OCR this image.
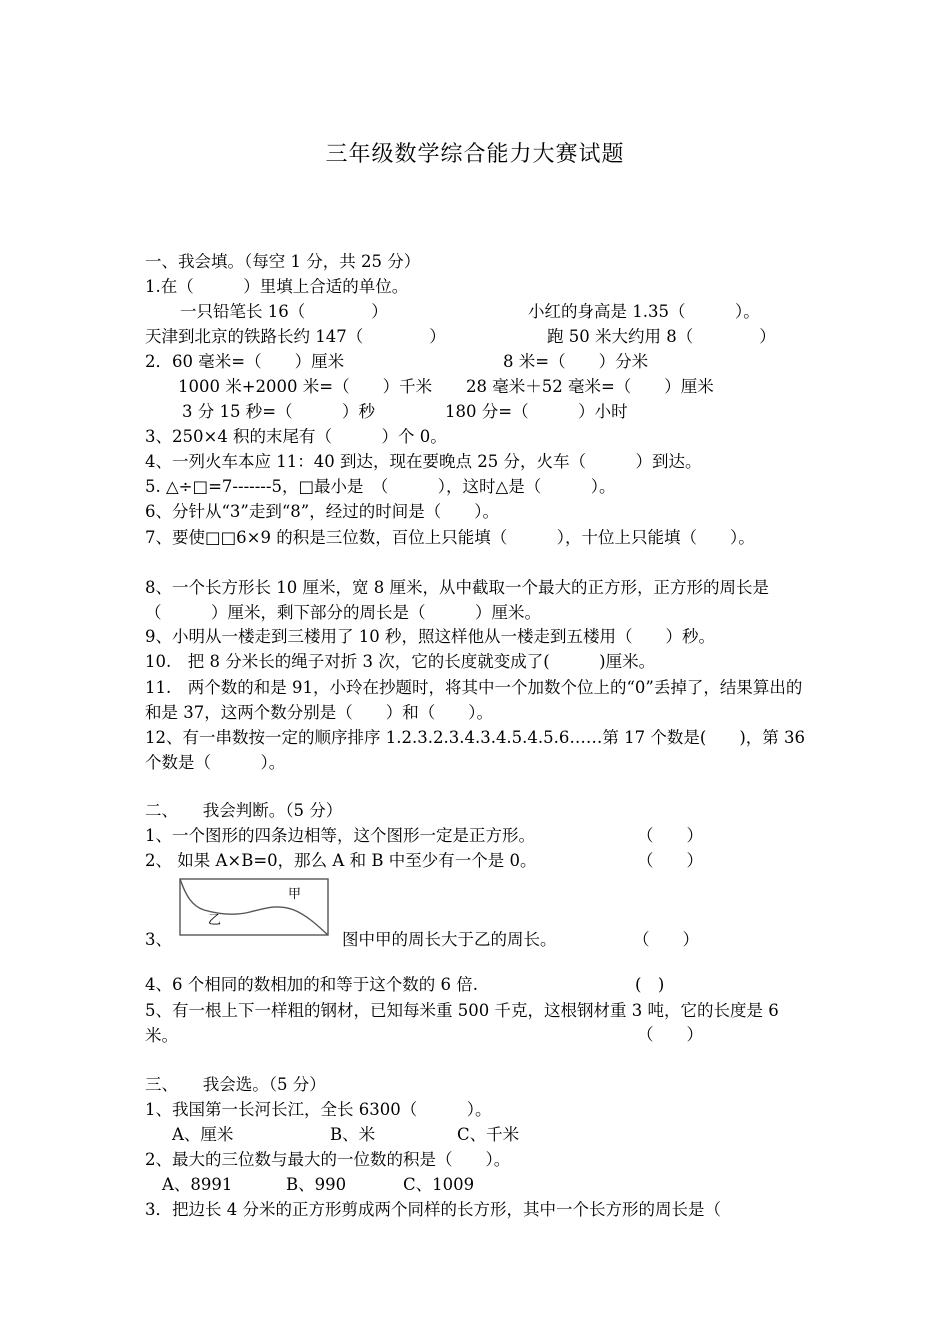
三年级数学综合能力大赛试题
一、我会填。（每空 1 分，共 25 分）
1.在（　　　）里填上合适的单位。
一只铅笔长 16（　　　　）	小红的身高是 1.35（　　　）。
天津到北京的铁路长约 147（　　　　）	跑 50 米大约用 8（　　　　）
2．60 毫米=（　　）厘米	8 米=（　　）分米
1000 米+2000 米=（　　）千米 28 毫米＋52 毫米=（　　）厘米
3 分 15 秒=（　　　）秒	180 分=（　　　）小时
3、250×4 积的末尾有（　　　）个 0。
4、一列火车本应 11：40 到达，现在要晚点 25 分，火车（　　　）到达。
5. △÷□=7-------5，□最小是　（　　　），这时△是（　　　）。
6、分针从“3”走到“8”，经过的时间是（　　）。
7、要使□□6×9 的积是三位数，百位上只能填（　　　），十位上只能填（　　）。
8、一个长方形长 10 厘米，宽 8 厘米，从中截取一个最大的正方形，正方形的周长是（　　　）厘米，剩下部分的周长是（　　　）厘米。
9、小明从一楼走到三楼用了 10 秒，照这样他从一楼走到五楼用（　　）秒。
10.　把 8 分米长的绳子对折 3 次，它的长度就变成了(　　　)厘米。
11.　两个数的和是 91，小玲在抄题时，将其中一个加数个位上的“0”丢掉了，结果算出的和是 37，这两个数分别是（　　）和（　　）。
12、有一串数按一定的顺序排序 1.2.3.2.3.4.3.4.5.4.5.6……第 17 个数是(　　)，第 36 个数是（　　　）。
二、　　我会判断。（5 分）
1、一个图形的四条边相等，这个图形一定是正方形。	（　　）
2、 如果 A×B=0，那么 A 和 B 中至少有一个是 0。	（　　）
甲
乙
3、	图中甲的周长大于乙的周长。	（　　）
4、6 个相同的数相加的和等于这个数的 6 倍.	(　)
5、有一根上下一样粗的钢材，已知每米重 500 千克，这根钢材重 3 吨，它的长度是 6 米。	（　　）
三、　　我会选。（5 分）
1、我国第一长河长江，全长 6300（　　　）。
A、厘米	B、米	C、千米
2、最大的三位数与最大的一位数的积是（　　）。
A、8991	B、990	C、1009
3．把边长 4 分米的正方形剪成两个同样的长方形，其中一个长方形的周长是（
